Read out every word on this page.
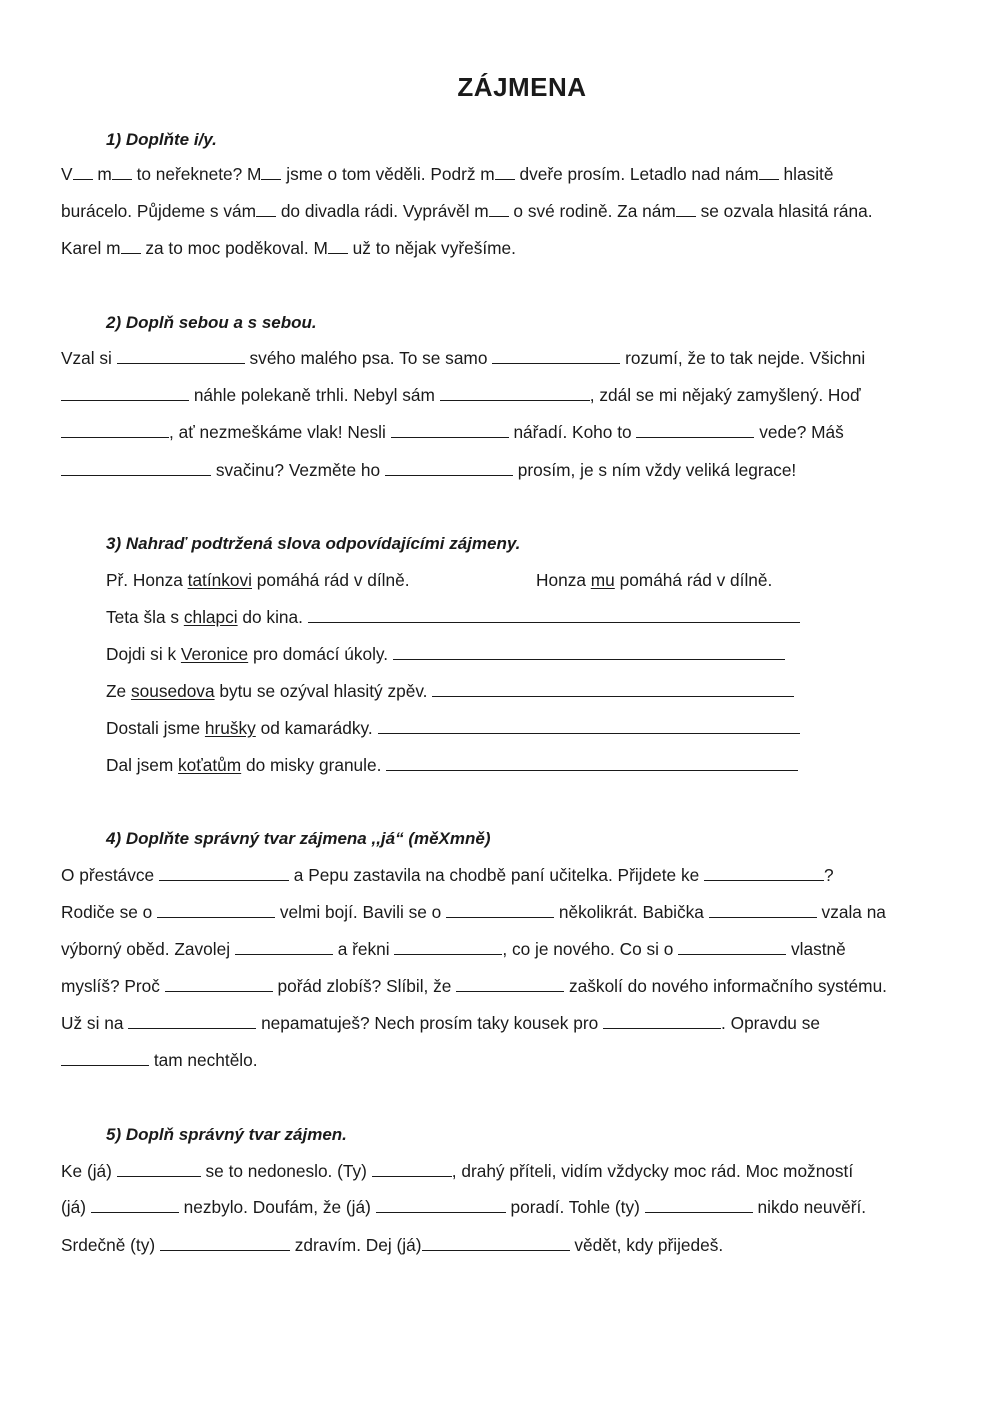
ZÁJMENA
1) Doplňte i/y.
V m to neřeknete? M jsme o tom věděli. Podrž m dveře prosím. Letadlo nad nám hlasitě
burácelo. Půjdeme s vám do divadla rádi. Vyprávěl m o své rodině. Za nám se ozvala hlasitá rána.
Karel m za to moc poděkoval. M už to nějak vyřešíme.
2) Doplň sebou a s sebou.
Vzal si	svého malého psa. To se samo	rozumí, že to tak nejde. Všichni
náhle polekaně trhli. Nebyl sám	, zdál se mi nějaký zamyšlený. Hoď
, ať nezmeškáme vlak! Nesli	nářadí. Koho to	vede? Máš
svačinu? Vezměte ho	prosím, je s ním vždy veliká legrace!
3) Nahraď podtržená slova odpovídajícími zájmeny.
Př. Honza tatínkovi pomáhá rád v dílně.	Honza mu pomáhá rád v dílně.
Teta šla s chlapci do kina.
Dojdi si k Veronice pro domácí úkoly.
Ze sousedova bytu se ozýval hlasitý zpěv.
Dostali jsme hrušky od kamarádky.
Dal jsem koťatům do misky granule.
4) Doplňte správný tvar zájmena ,,já“ (měXmně)
O přestávce	a Pepu zastavila na chodbě paní učitelka. Přijdete ke	?
Rodiče se o	velmi bojí. Bavili se o	několikrát. Babička	vzala na
výborný oběd. Zavolej	a řekni	, co je nového. Co si o	vlastně
myslíš? Proč	pořád zlobíš? Slíbil, že	zaškolí do nového informačního systému.
Už si na	nepamatuješ? Nech prosím taky kousek pro	. Opravdu se
tam nechtělo.
5) Doplň správný tvar zájmen.
Ke (já)	se to nedoneslo. (Ty)	, drahý příteli, vidím vždycky moc rád. Moc možností
(já)	nezbylo. Doufám, že (já)	poradí. Tohle (ty)	nikdo neuvěří.
Srdečně (ty)	zdravím. Dej (já)	vědět, kdy přijedeš.
